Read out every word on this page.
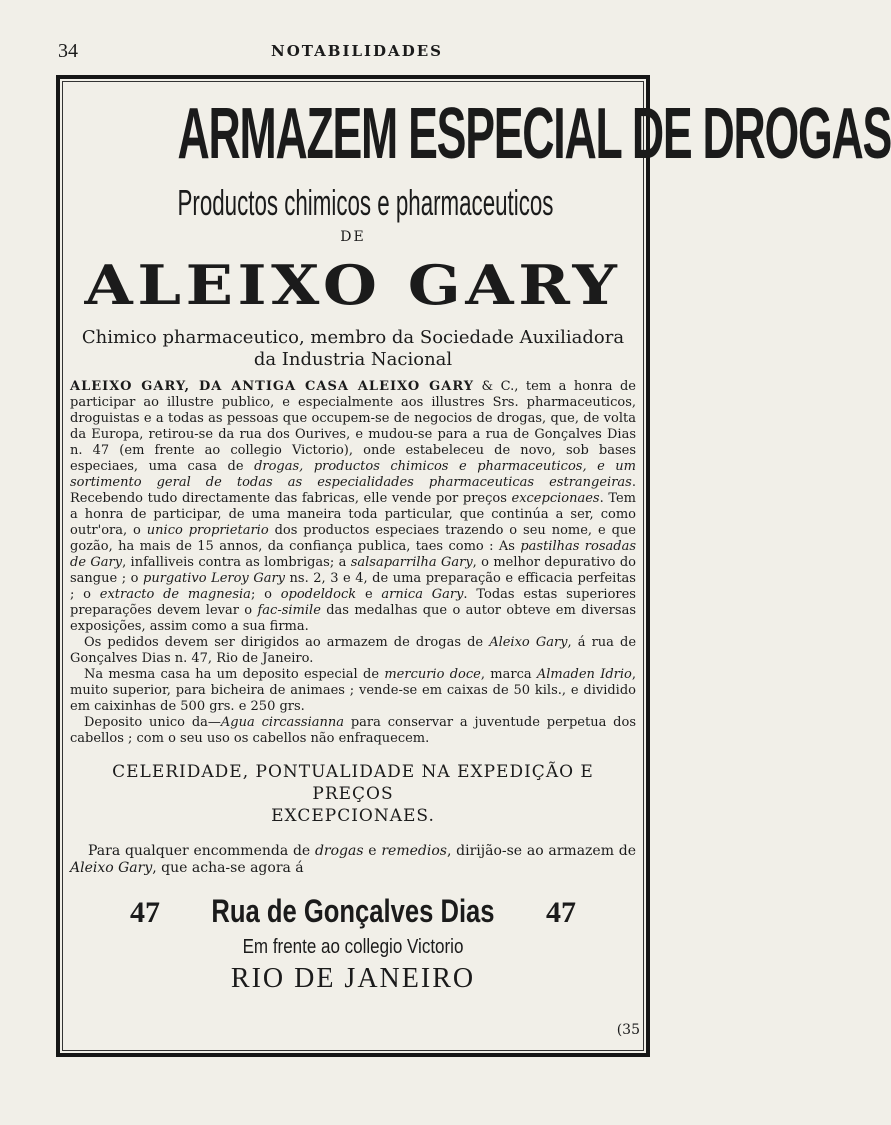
34	NOTABILIDADES
ARMAZEM ESPECIAL DE DROGAS
Productos chimicos e pharmaceuticos
DE
ALEIXO GARY
Chimico pharmaceutico, membro da Sociedade Auxiliadora
da Industria Nacional

ALEIXO GARY, DA ANTIGA CASA ALEIXO GARY & C., tem a honra de participar ao illustre publico, e especialmente aos illustres Srs. pharmaceuticos, droguistas e a todas as pessoas que occupem-se de negocios de drogas, que, de volta da Europa, retirou-se da rua dos Ourives, e mudou-se para a rua de Gonçalves Dias n. 47 (em frente ao collegio Victorio), onde estabeleceu de novo, sob bases especiaes, uma casa de drogas, productos chimicos e pharmaceuticos, e um sortimento geral de todas as especialidades pharmaceuticas estrangeiras. Recebendo tudo directamente das fabricas, elle vende por preços excepcionaes. Tem a honra de participar, de uma maneira toda particular, que continúa a ser, como outr'ora, o unico proprietario dos productos especiaes trazendo o seu nome, e que gozão, ha mais de 15 annos, da confiança publica, taes como : As pastilhas rosadas de Gary, infalliveis contra as lombrigas; a salsaparrilha Gary, o melhor depurativo do sangue ; o purgativo Leroy Gary ns. 2, 3 e 4, de uma preparação e efficacia perfeitas ; o extracto de magnesia; o opodeldock e arnica Gary. Todas estas superiores preparações devem levar o fac-simile das medalhas que o autor obteve em diversas exposições, assim como a sua firma.

Os pedidos devem ser dirigidos ao armazem de drogas de Aleixo Gary, á rua de Gonçalves Dias n. 47, Rio de Janeiro.

Na mesma casa ha um deposito especial de mercurio doce, marca Almaden Idrio, muito superior, para bicheira de animaes ; vende-se em caixas de 50 kils., e dividido em caixinhas de 500 grs. e 250 grs.

Deposito unico da—Agua circassianna para conservar a juventude perpetua dos cabellos ; com o seu uso os cabellos não enfraquecem.

CELERIDADE, PONTUALIDADE NA EXPEDIÇÃO E PREÇOS
EXCEPCIONAES.
Para qualquer encommenda de drogas e remedios, dirijão-se ao armazem de Aleixo Gary, que acha-se agora á
47 Rua de Gonçalves Dias 47
Em frente ao collegio Victorio
RIO DE JANEIRO
(35
